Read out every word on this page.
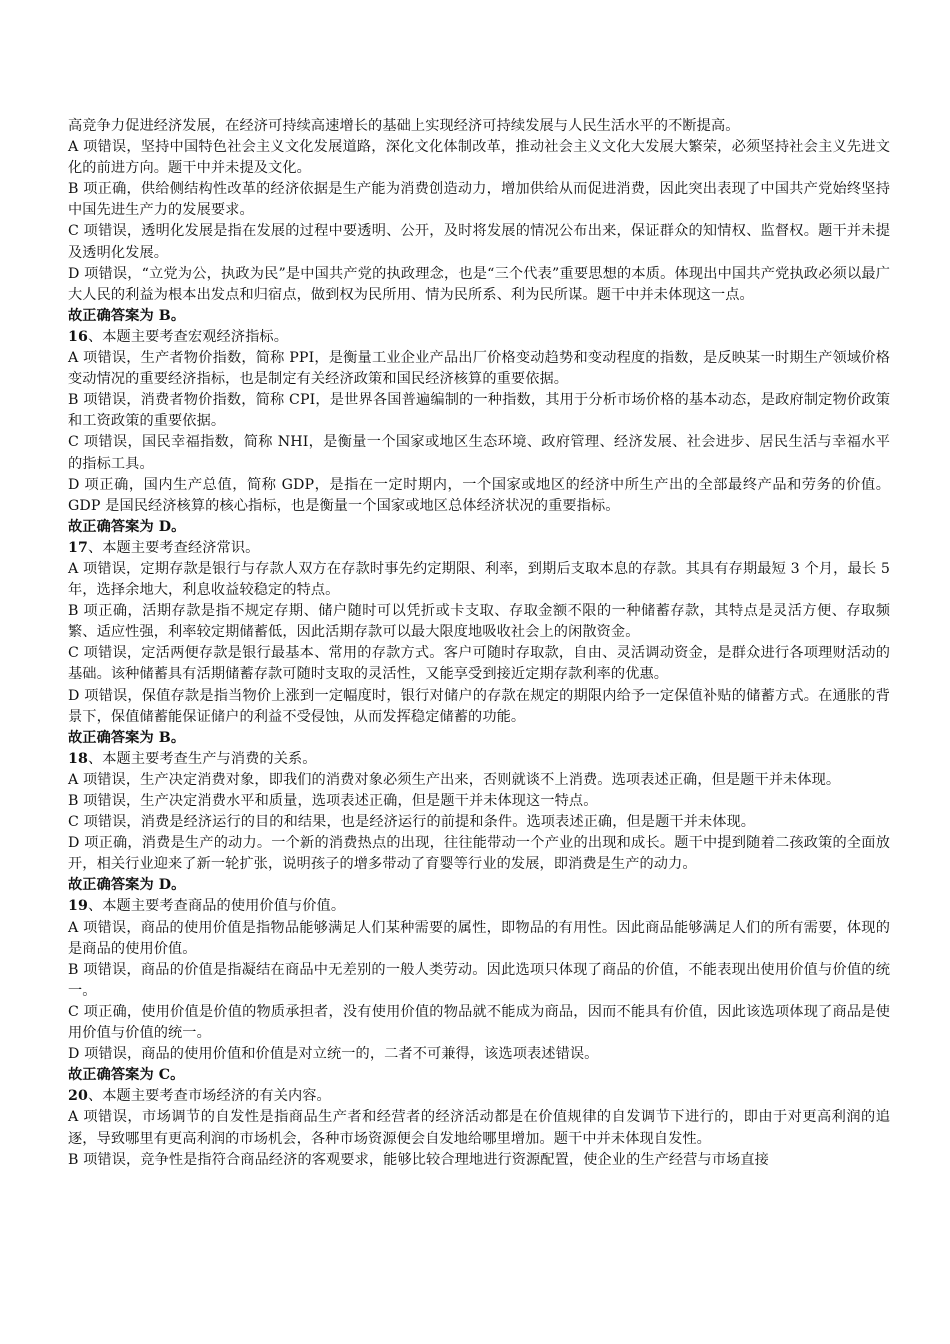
高竞争力促进经济发展，在经济可持续高速增长的基础上实现经济可持续发展与人民生活水平的不断提高。

A 项错误，坚持中国特色社会主义文化发展道路，深化文化体制改革，推动社会主义文化大发展大繁荣，必须坚持社会主义先进文化的前进方向。题干中并未提及文化。

B 项正确，供给侧结构性改革的经济依据是生产能为消费创造动力，增加供给从而促进消费，因此突出表现了中国共产党始终坚持中国先进生产力的发展要求。

C 项错误，透明化发展是指在发展的过程中要透明、公开，及时将发展的情况公布出来，保证群众的知情权、监督权。题干并未提及透明化发展。

D 项错误，“立党为公，执政为民”是中国共产党的执政理念，也是“三个代表”重要思想的本质。体现出中国共产党执政必须以最广大人民的利益为根本出发点和归宿点，做到权为民所用、情为民所系、利为民所谋。题干中并未体现这一点。

故正确答案为 B。

16、本题主要考查宏观经济指标。

A 项错误，生产者物价指数，简称 PPI，是衡量工业企业产品出厂价格变动趋势和变动程度的指数，是反映某一时期生产领域价格变动情况的重要经济指标，也是制定有关经济政策和国民经济核算的重要依据。

B 项错误，消费者物价指数，简称 CPI，是世界各国普遍编制的一种指数，其用于分析市场价格的基本动态，是政府制定物价政策和工资政策的重要依据。

C 项错误，国民幸福指数，简称 NHI，是衡量一个国家或地区生态环境、政府管理、经济发展、社会进步、居民生活与幸福水平的指标工具。

D 项正确，国内生产总值，简称 GDP，是指在一定时期内，一个国家或地区的经济中所生产出的全部最终产品和劳务的价值。GDP 是国民经济核算的核心指标，也是衡量一个国家或地区总体经济状况的重要指标。

故正确答案为 D。

17、本题主要考查经济常识。

A 项错误，定期存款是银行与存款人双方在存款时事先约定期限、利率，到期后支取本息的存款。其具有存期最短 3 个月，最长 5 年，选择余地大，利息收益较稳定的特点。

B 项正确，活期存款是指不规定存期、储户随时可以凭折或卡支取、存取金额不限的一种储蓄存款，其特点是灵活方便、存取频繁、适应性强，利率较定期储蓄低，因此活期存款可以最大限度地吸收社会上的闲散资金。

C 项错误，定活两便存款是银行最基本、常用的存款方式。客户可随时存取款，自由、灵活调动资金，是群众进行各项理财活动的基础。该种储蓄具有活期储蓄存款可随时支取的灵活性，又能享受到接近定期存款利率的优惠。

D 项错误，保值存款是指当物价上涨到一定幅度时，银行对储户的存款在规定的期限内给予一定保值补贴的储蓄方式。在通胀的背景下，保值储蓄能保证储户的利益不受侵蚀，从而发挥稳定储蓄的功能。

故正确答案为 B。

18、本题主要考查生产与消费的关系。

A 项错误，生产决定消费对象，即我们的消费对象必须生产出来，否则就谈不上消费。选项表述正确，但是题干并未体现。

B 项错误，生产决定消费水平和质量，选项表述正确，但是题干并未体现这一特点。

C 项错误，消费是经济运行的目的和结果，也是经济运行的前提和条件。选项表述正确，但是题干并未体现。

D 项正确，消费是生产的动力。一个新的消费热点的出现，往往能带动一个产业的出现和成长。题干中提到随着二孩政策的全面放开，相关行业迎来了新一轮扩张，说明孩子的增多带动了育婴等行业的发展，即消费是生产的动力。

故正确答案为 D。

19、本题主要考查商品的使用价值与价值。

A 项错误，商品的使用价值是指物品能够满足人们某种需要的属性，即物品的有用性。因此商品能够满足人们的所有需要，体现的是商品的使用价值。

B 项错误，商品的价值是指凝结在商品中无差别的一般人类劳动。因此选项只体现了商品的价值，不能表现出使用价值与价值的统一。

C 项正确，使用价值是价值的物质承担者，没有使用价值的物品就不能成为商品，因而不能具有价值，因此该选项体现了商品是使用价值与价值的统一。

D 项错误，商品的使用价值和价值是对立统一的，二者不可兼得，该选项表述错误。

故正确答案为 C。

20、本题主要考查市场经济的有关内容。

A 项错误，市场调节的自发性是指商品生产者和经营者的经济活动都是在价值规律的自发调节下进行的，即由于对更高利润的追逐，导致哪里有更高利润的市场机会，各种市场资源便会自发地给哪里增加。题干中并未体现自发性。

B 项错误，竞争性是指符合商品经济的客观要求，能够比较合理地进行资源配置，使企业的生产经营与市场直接
